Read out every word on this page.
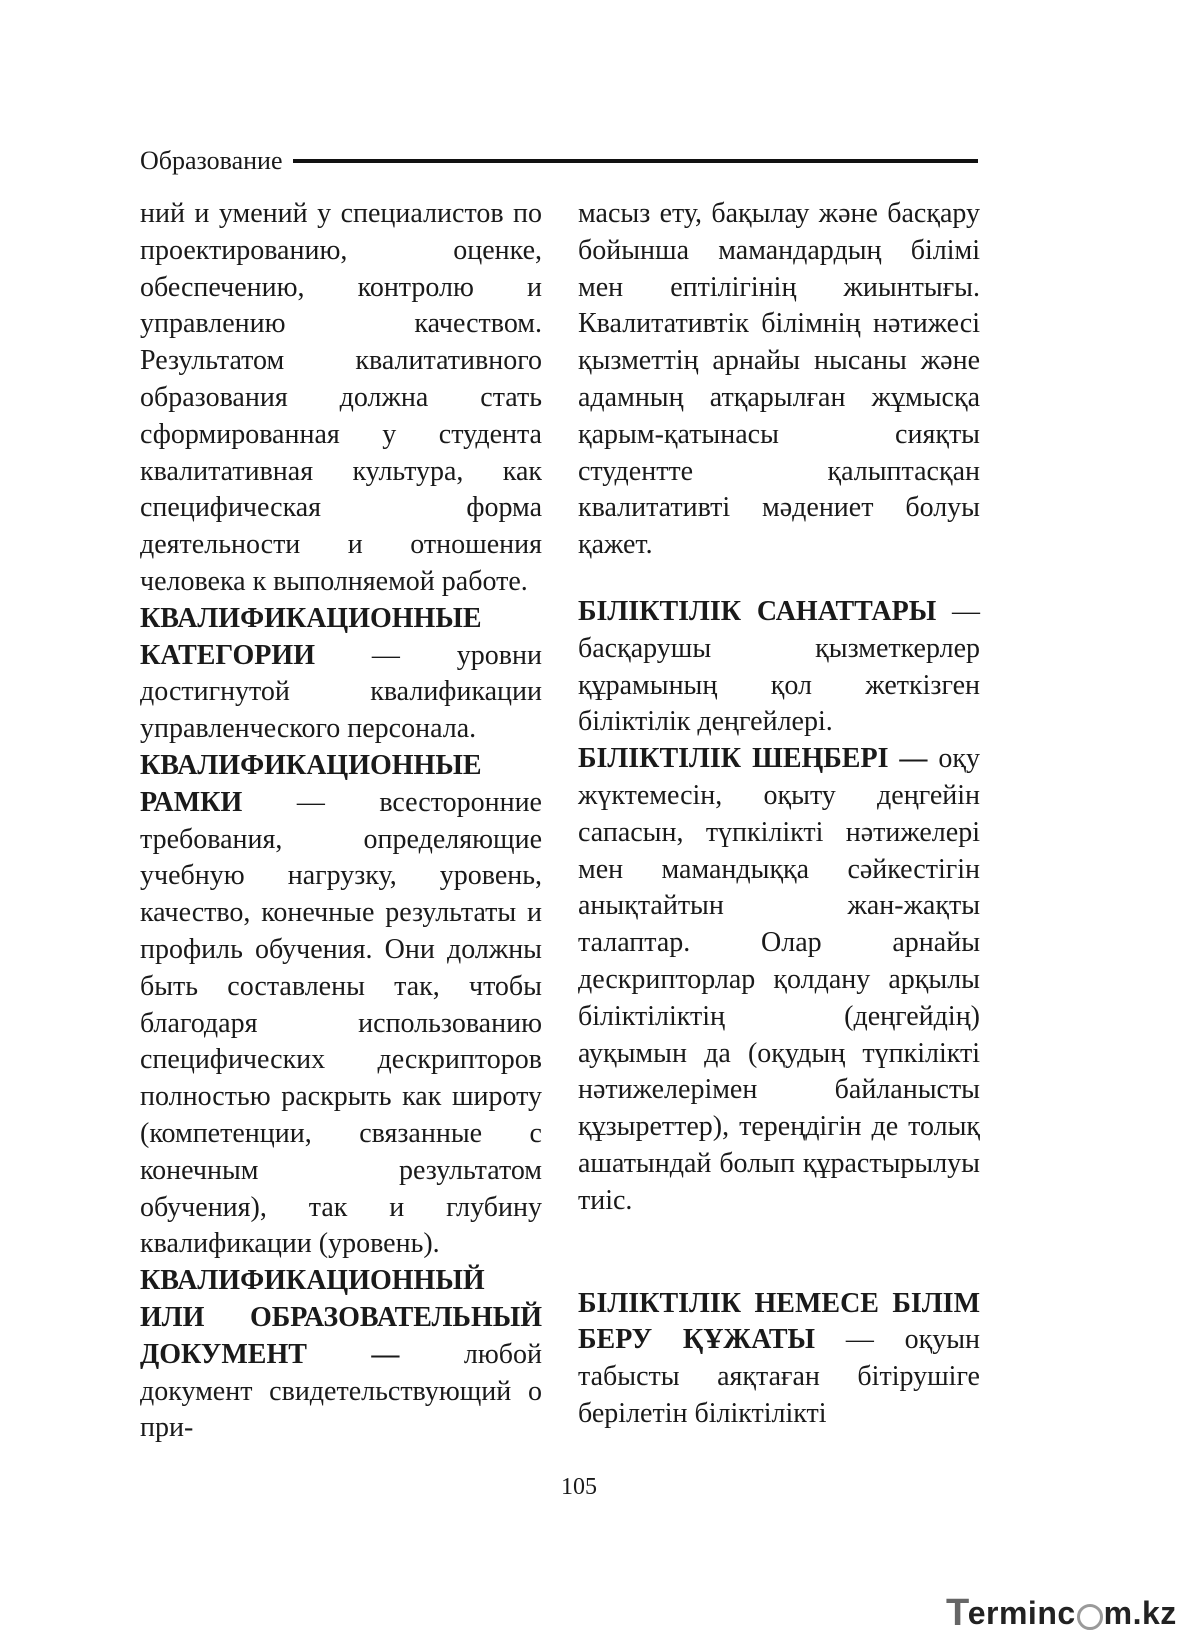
Образование

ний и умений у специалистов по проектированию, оценке, обеспечению, контролю и управлению качеством. Результатом квалитативного образования должна стать сформированная у студента квалитативная культура, как специфическая форма деятельности и отношения человека к выполняемой работе.

КВАЛИФИКАЦИОННЫЕ КАТЕГОРИИ — уровни достигнутой квалификации управленческого персонала.

КВАЛИФИКАЦИОННЫЕ РАМКИ — всесторонние требования, определяющие учебную нагрузку, уровень, качество, конечные результаты и профиль обучения. Они должны быть составлены так, чтобы благодаря использованию специфических дескрипторов полностью раскрыть как широту (компетенции, связанные с конечным результатом обучения), так и глубину квалификации (уровень).

КВАЛИФИКАЦИОННЫЙ ИЛИ ОБРАЗОВАТЕЛЬНЫЙ ДОКУМЕНТ — любой документ свидетельствующий о при-

масыз ету, бақылау және басқару бойынша мамандардың білімі мен ептілігінің жиынтығы. Квалитативтік білімнің нәтижесі қызметтің арнайы нысаны және адамның атқарылған жұмысқа қарым-қатынасы сияқты студентте қалыптасқан квалитативті мәдениет болуы қажет.

БІЛІКТІЛІК САНАТТАРЫ — басқарушы қызметкерлер құрамының қол жеткізген біліктілік деңгейлері.

БІЛІКТІЛІК ШЕҢБЕРІ — оқу жүктемесін, оқыту деңгейін сапасын, түпкілікті нәтижелері мен мамандыққа сәйкестігін анықтайтын жан-жақты талаптар. Олар арнайы дескрипторлар қолдану арқылы біліктіліктің (деңгейдің) ауқымын да (оқудың түпкілікті нәтижелерімен байланысты құзыреттер), тереңдігін де толық ашатындай болып құрастырылуы тиіс.

БІЛІКТІЛІК НЕМЕСЕ БІЛІМ БЕРУ ҚҰЖАТЫ — оқуын табысты аяқтаған бітірушіге берілетін біліктілікті

105
T
erminc m.kz
